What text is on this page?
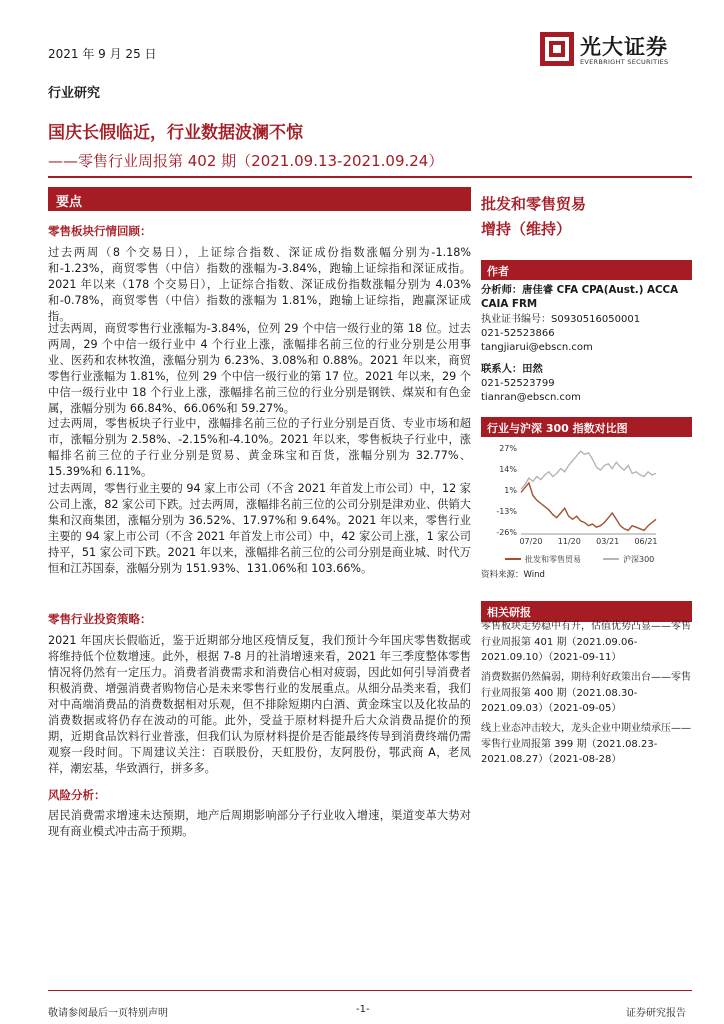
2021 年 9 月 25 日	光大证券
EVERBRIGHT SECURITIES
行业研究
国庆长假临近，行业数据波澜不惊
——零售行业周报第 402 期（2021.09.13-2021.09.24）
要点
零售板块行情回顾：

过去两周（8 个交易日），上证综合指数、深证成份指数涨幅分别为-1.18%和-1.23%，商贸零售（中信）指数的涨幅为-3.84%，跑输上证综指和深证成指。2021 年以来（178 个交易日），上证综合指数、深证成份指数涨幅分别为 4.03%和-0.78%，商贸零售（中信）指数的涨幅为 1.81%，跑输上证综指，跑赢深证成指。

过去两周，商贸零售行业涨幅为-3.84%，位列 29 个中信一级行业的第 18 位。过去两周，29 个中信一级行业中 4 个行业上涨，涨幅排名前三位的行业分别是公用事业、医药和农林牧渔，涨幅分别为 6.23%、3.08%和 0.88%。2021 年以来，商贸零售行业涨幅为 1.81%，位列 29 个中信一级行业的第 17 位。2021 年以来，29 个中信一级行业中 18 个行业上涨，涨幅排名前三位的行业分别是钢铁、煤炭和有色金属，涨幅分别为 66.84%、66.06%和 59.27%。

过去两周，零售板块子行业中，涨幅排名前三位的子行业分别是百货、专业市场和超市，涨幅分别为 2.58%、-2.15%和-4.10%。2021 年以来，零售板块子行业中，涨幅排名前三位的子行业分别是贸易、黄金珠宝和百货，涨幅分别为 32.77%、15.39%和 6.11%。

过去两周，零售行业主要的 94 家上市公司（不含 2021 年首发上市公司）中，12 家公司上涨，82 家公司下跌。过去两周，涨幅排名前三位的公司分别是津劝业、供销大集和汉商集团，涨幅分别为 36.52%、17.97%和 9.64%。2021 年以来，零售行业主要的 94 家上市公司（不含 2021 年首发上市公司）中，42 家公司上涨，1 家公司持平，51 家公司下跌。2021 年以来，涨幅排名前三位的公司分别是商业城、时代万恒和江苏国泰，涨幅分别为 151.93%、131.06%和 103.66%。

零售行业投资策略：

2021 年国庆长假临近，鉴于近期部分地区疫情反复，我们预计今年国庆零售数据或将维持低个位数增速。此外，根据 7-8 月的社消增速来看，2021 年三季度整体零售情况将仍然有一定压力。消费者消费需求和消费信心相对疲弱，因此如何引导消费者积极消费、增强消费者购物信心是未来零售行业的发展重点。从细分品类来看，我们对中高端消费品的消费数据相对乐观，但不排除短期内白酒、黄金珠宝以及化妆品的消费数据或将仍存在波动的可能。此外，受益于原材料提升后大众消费品提价的预期，近期食品饮料行业普涨，但我们认为原材料提价是否能最终传导到消费终端仍需观察一段时间。下周建议关注：百联股份，天虹股份，友阿股份，鄂武商 A，老凤祥，潮宏基，华致酒行，拼多多。

风险分析：

居民消费需求增速未达预期，地产后周期影响部分子行业收入增速，渠道变革大势对现有商业模式冲击高于预期。

批发和零售贸易
增持（维持）
作者

分析师：唐佳睿 CFA CPA(Aust.) ACCA CAIA FRM

执业证书编号：S0930516050001
021-52523866
tangjiarui@ebscn.com
联系人：田然
021-52523799
tianran@ebscn.com
行业与沪深 300 指数对比图
27%
14%
1%
-13%
-26%
07/20 11/20 03/21 06/21
批发和零售贸易	沪深300
资料来源：Wind
相关研报

零售板块走势稳中有升，估值优势凸显——零售行业周报第 401 期（2021.09.06-2021.09.10）（2021-09-11）

消费数据仍然偏弱，期待利好政策出台——零售行业周报第 400 期（2021.08.30-2021.09.03）（2021-09-05）

线上业态冲击较大，龙头企业中期业绩承压——零售行业周报第 399 期（2021.08.23-2021.08.27）（2021-08-28）

敬请参阅最后一页特别声明	-1-	证券研究报告
